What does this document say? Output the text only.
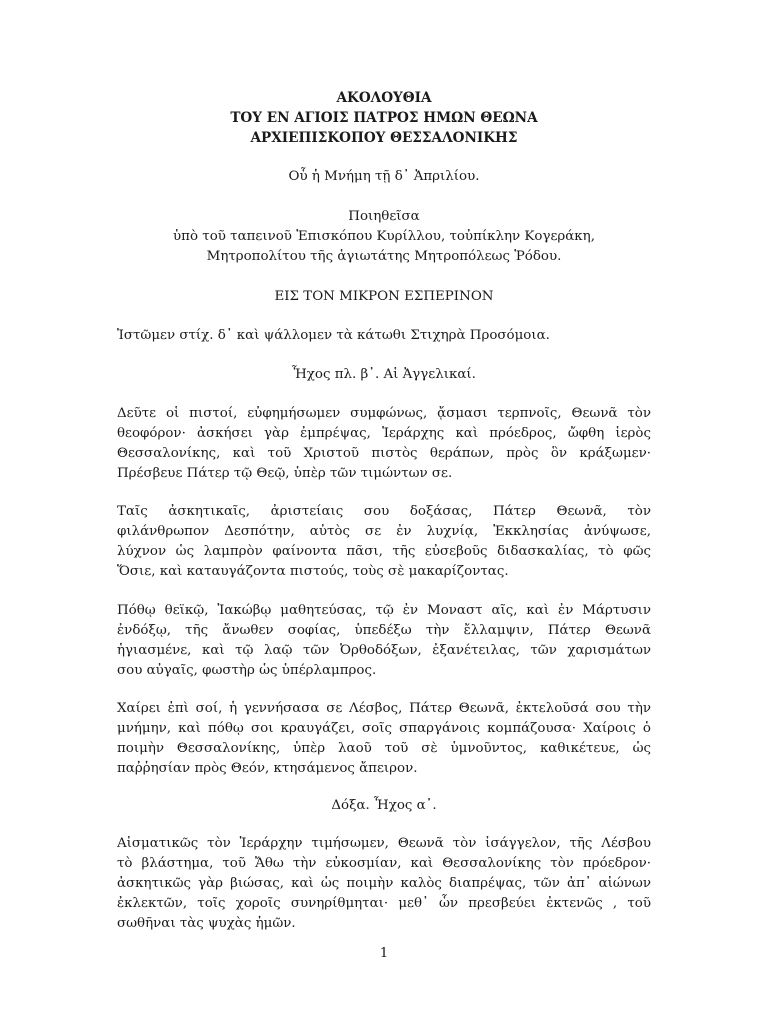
ΑΚΟΛΟΥΘΙΑ
ΤΟΥ ΕΝ ΑΓΙΟΙΣ ΠΑΤΡΟΣ ΗΜΩΝ ΘΕΩΝΑ
ΑΡΧΙΕΠΙΣΚΟΠΟΥ ΘΕΣΣΑΛΟΝΙΚΗΣ
Οὗ ἡ Μνήμη τῇ δ᾽ Ἀπριλίου.
Ποιηθεῖσα
ὑπὸ τοῦ ταπεινοῦ Ἐπισκόπου Κυρίλλου, τοὐπίκλην Κογεράκη,
Μητροπολίτου τῆς ἁγιωτάτης Μητροπόλεως Ῥόδου.
ΕΙΣ ΤΟΝ ΜΙΚΡΟΝ ΕΣΠΕΡΙΝΟΝ
Ἱστῶμεν στίχ. δ᾽ καὶ ψάλλομεν τὰ κάτωθι Στιχηρὰ Προσόμοια.
Ἦχος πλ. β᾽. Αἱ Ἀγγελικαί.
Δεῦτε οἱ πιστοί, εὐφημήσωμεν συμφώνως, ᾄσμασι τερπνοῖς, Θεωνᾶ τὸν
θεοφόρον· ἀσκήσει γὰρ ἐμπρέψας, Ἱεράρχης καὶ πρόεδρος, ὤφθη ἱερὸς
Θεσσαλονίκης, καὶ τοῦ Χριστοῦ πιστὸς θεράπων, πρὸς ὃν κράξωμεν·
Πρέσβευε Πάτερ τῷ Θεῷ, ὑπὲρ τῶν τιμώντων σε.
Ταῖς ἀσκητικαῖς, ἀριστείαις σου δοξάσας, Πάτερ Θεωνᾶ, τὸν
φιλάνθρωπον Δεσπότην, αὐτὸς σε ἐν λυχνίᾳ, Ἐκκλησίας ἀνύψωσε,
λύχνον ὡς λαμπρὸν φαίνοντα πᾶσι, τῆς εὐσεβοῦς διδασκαλίας, τὸ φῶς
Ὅσιε, καὶ καταυγάζοντα πιστούς, τοὺς σὲ μακαρίζοντας.
Πόθῳ θεϊκῷ, Ἰακώβῳ μαθητεύσας, τῷ ἐν Μοναστ αῖς, καὶ ἐν Μάρτυσιν
ἐνδόξῳ, τῆς ἄνωθεν σοφίας, ὑπεδέξω τὴν ἔλλαμψιν, Πάτερ Θεωνᾶ
ἡγιασμένε, καὶ τῷ λαῷ τῶν Ὀρθοδόξων, ἐξανέτειλας, τῶν χαρισμάτων
σου αὐγαῖς, φωστὴρ ὡς ὑπέρλαμπρος.
Χαίρει ἐπὶ σοί, ἡ γεννήσασα σε Λέσβος, Πάτερ Θεωνᾶ, ἐκτελοῦσά σου τὴν
μνήμην, καὶ πόθῳ σοι κραυγάζει, σοῖς σπαργάνοις κομπάζουσα· Χαίροις ὁ
ποιμὴν Θεσσαλονίκης, ὑπὲρ λαοῦ τοῦ σὲ ὑμνοῦντος, καθικέτευε, ὡς
παῤῥησίαν πρὸς Θεόν, κτησάμενος ἄπειρον.
Δόξα. Ἦχος α᾽.
Αἰσματικῶς τὸν Ἱεράρχην τιμήσωμεν, Θεωνᾶ τὸν ἰσάγγελον, τῆς Λέσβου
τὸ βλάστημα, τοῦ Ἄθω τὴν εὐκοσμίαν, καὶ Θεσσαλονίκης τὸν πρόεδρον·
ἀσκητικῶς γὰρ βιώσας, καὶ ὡς ποιμὴν καλὸς διαπρέψας, τῶν ἀπ᾽ αἰώνων
ἐκλεκτῶν, τοῖς χοροῖς συνηρίθμηται· μεθ᾽ ὧν πρεσβεύει ἐκτενῶς , τοῦ
σωθῆναι τὰς ψυχὰς ἡμῶν.
1
